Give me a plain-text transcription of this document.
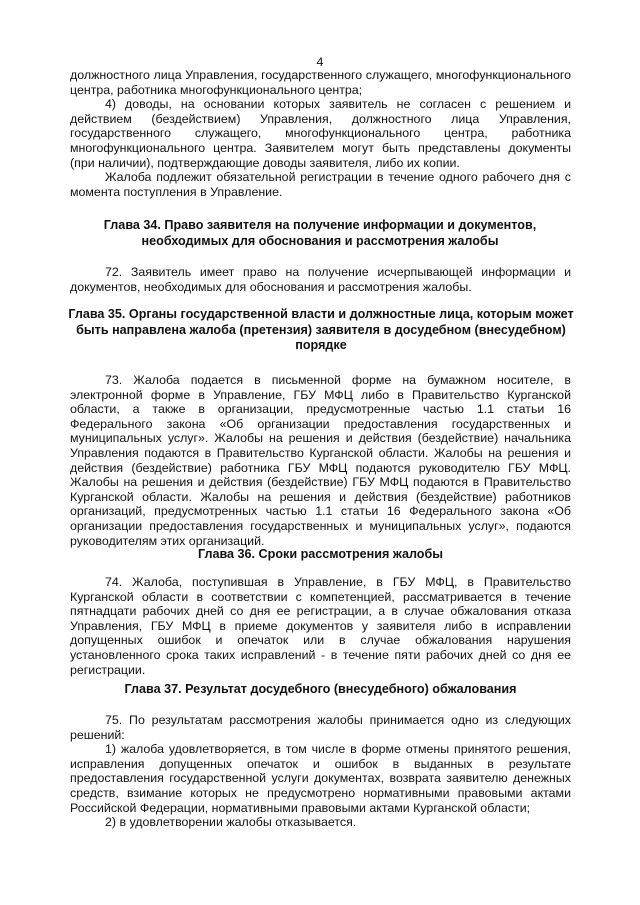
4

должностного лица Управления, государственного служащего, многофункционального центра, работника многофункционального центра;

4) доводы, на основании которых заявитель не согласен с решением и действием (бездействием) Управления, должностного лица Управления, государственного служащего, многофункционального центра, работника многофункционального центра. Заявителем могут быть представлены документы (при наличии), подтверждающие доводы заявителя, либо их копии.

Жалоба подлежит обязательной регистрации в течение одного рабочего дня с момента поступления в Управление.

Глава 34. Право заявителя на получение информации и документов, необходимых для обоснования и рассмотрения жалобы

72. Заявитель имеет право на получение исчерпывающей информации и документов, необходимых для обоснования и рассмотрения жалобы.

Глава 35. Органы государственной власти и должностные лица, которым может быть направлена жалоба (претензия) заявителя в досудебном (внесудебном) порядке

73. Жалоба подается в письменной форме на бумажном носителе, в электронной форме в Управление, ГБУ МФЦ либо в Правительство Курганской области, а также в организации, предусмотренные частью 1.1 статьи 16 Федерального закона «Об организации предоставления государственных и муниципальных услуг». Жалобы на решения и действия (бездействие) начальника Управления подаются в Правительство Курганской области. Жалобы на решения и действия (бездействие) работника ГБУ МФЦ подаются руководителю ГБУ МФЦ. Жалобы на решения и действия (бездействие) ГБУ МФЦ подаются в Правительство Курганской области. Жалобы на решения и действия (бездействие) работников организаций, предусмотренных частью 1.1 статьи 16 Федерального закона «Об организации предоставления государственных и муниципальных услуг», подаются руководителям этих организаций.

Глава 36. Сроки рассмотрения жалобы

74. Жалоба, поступившая в Управление, в ГБУ МФЦ, в Правительство Курганской области в соответствии с компетенцией, рассматривается в течение пятнадцати рабочих дней со дня ее регистрации, а в случае обжалования отказа Управления, ГБУ МФЦ в приеме документов у заявителя либо в исправлении допущенных ошибок и опечаток или в случае обжалования нарушения установленного срока таких исправлений - в течение пяти рабочих дней со дня ее регистрации.

Глава 37. Результат досудебного (внесудебного) обжалования

75. По результатам рассмотрения жалобы принимается одно из следующих решений:

1) жалоба удовлетворяется, в том числе в форме отмены принятого решения, исправления допущенных опечаток и ошибок в выданных в результате предоставления государственной услуги документах, возврата заявителю денежных средств, взимание которых не предусмотрено нормативными правовыми актами Российской Федерации, нормативными правовыми актами Курганской области;

2) в удовлетворении жалобы отказывается.
